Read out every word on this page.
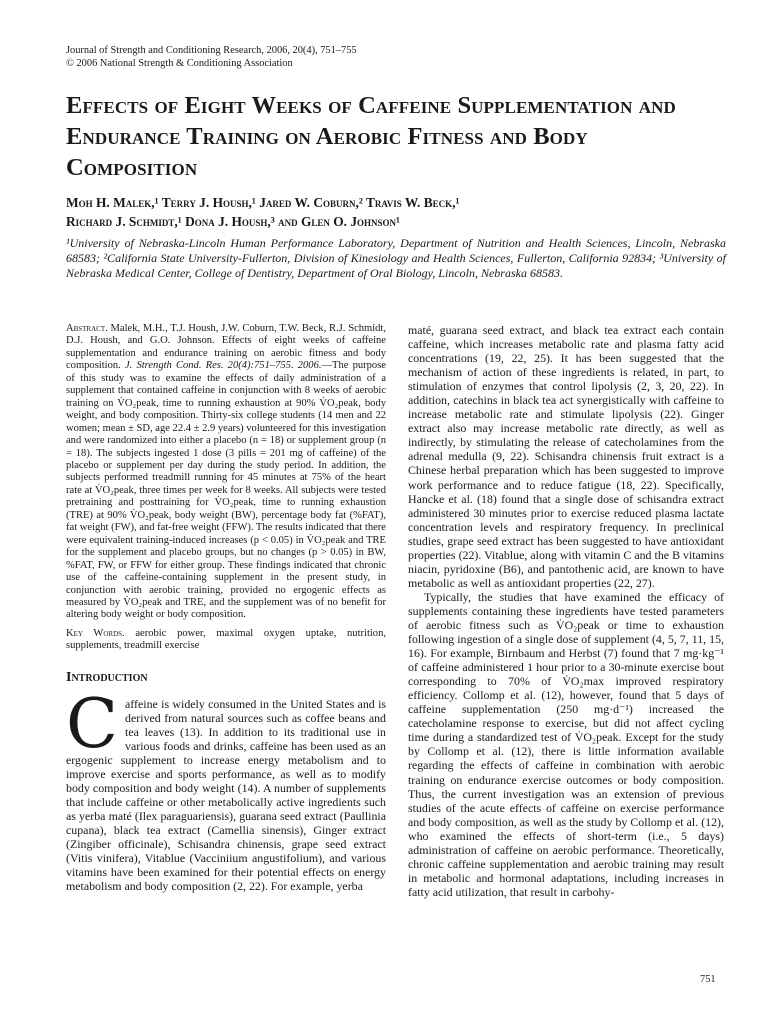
Journal of Strength and Conditioning Research, 2006, 20(4), 751–755
© 2006 National Strength & Conditioning Association
Effects of Eight Weeks of Caffeine Supplementation and Endurance Training on Aerobic Fitness and Body Composition
Moh H. Malek,¹ Terry J. Housh,¹ Jared W. Coburn,² Travis W. Beck,¹
Richard J. Schmidt,¹ Dona J. Housh,³ and Glen O. Johnson¹
¹University of Nebraska-Lincoln Human Performance Laboratory, Department of Nutrition and Health Sciences, Lincoln, Nebraska 68583; ²California State University-Fullerton, Division of Kinesiology and Health Sciences, Fullerton, California 92834; ³University of Nebraska Medical Center, College of Dentistry, Department of Oral Biology, Lincoln, Nebraska 68583.

Abstract. Malek, M.H., T.J. Housh, J.W. Coburn, T.W. Beck, R.J. Schmidt, D.J. Housh, and G.O. Johnson. Effects of eight weeks of caffeine supplementation and endurance training on aerobic fitness and body composition. J. Strength Cond. Res. 20(4):751–755. 2006.—The purpose of this study was to examine the effects of daily administration of a supplement that contained caffeine in conjunction with 8 weeks of aerobic training on V̇O₂peak, time to running exhaustion at 90% V̇O₂peak, body weight, and body composition. Thirty-six college students (14 men and 22 women; mean ± SD, age 22.4 ± 2.9 years) volunteered for this investigation and were randomized into either a placebo (n = 18) or supplement group (n = 18). The subjects ingested 1 dose (3 pills = 201 mg of caffeine) of the placebo or supplement per day during the study period. In addition, the subjects performed treadmill running for 45 minutes at 75% of the heart rate at V̇O₂peak, three times per week for 8 weeks. All subjects were tested pretraining and posttraining for V̇O₂peak, time to running exhaustion (TRE) at 90% V̇O₂peak, body weight (BW), percentage body fat (%FAT), fat weight (FW), and fat-free weight (FFW). The results indicated that there were equivalent training-induced increases (p < 0.05) in V̇O₂peak and TRE for the supplement and placebo groups, but no changes (p > 0.05) in BW, %FAT, FW, or FFW for either group. These findings indicated that chronic use of the caffeine-containing supplement in the present study, in conjunction with aerobic training, provided no ergogenic effects as measured by V̇O₂peak and TRE, and the supplement was of no benefit for altering body weight or body composition.

Key Words. aerobic power, maximal oxygen uptake, nutrition, supplements, treadmill exercise

Introduction

Caffeine is widely consumed in the United States and is derived from natural sources such as coffee beans and tea leaves (13). In addition to its traditional use in various foods and drinks, caffeine has been used as an ergogenic supplement to increase energy metabolism and to improve exercise and sports performance, as well as to modify body composition and body weight (14). A number of supplements that include caffeine or other metabolically active ingredients such as yerba maté (Ilex paraguariensis), guarana seed extract (Paullinia cupana), black tea extract (Camellia sinensis), Ginger extract (Zingiber officinale), Schisandra chinensis, grape seed extract (Vitis vinifera), Vitablue (Vacciniium angustifolium), and various vitamins have been examined for their potential effects on energy metabolism and body composition (2, 22). For example, yerba

maté, guarana seed extract, and black tea extract each contain caffeine, which increases metabolic rate and plasma fatty acid concentrations (19, 22, 25). It has been suggested that the mechanism of action of these ingredients is related, in part, to stimulation of enzymes that control lipolysis (2, 3, 20, 22). In addition, catechins in black tea act synergistically with caffeine to increase metabolic rate and stimulate lipolysis (22). Ginger extract also may increase metabolic rate directly, as well as indirectly, by stimulating the release of catecholamines from the adrenal medulla (9, 22). Schisandra chinensis fruit extract is a Chinese herbal preparation which has been suggested to improve work performance and to reduce fatigue (18, 22). Specifically, Hancke et al. (18) found that a single dose of schisandra extract administered 30 minutes prior to exercise reduced plasma lactate concentration levels and respiratory frequency. In preclinical studies, grape seed extract has been suggested to have antioxidant properties (22). Vitablue, along with vitamin C and the B vitamins niacin, pyridoxine (B6), and pantothenic acid, are known to have metabolic as well as antioxidant properties (22, 27).

Typically, the studies that have examined the efficacy of supplements containing these ingredients have tested parameters of aerobic fitness such as V̇O₂peak or time to exhaustion following ingestion of a single dose of supplement (4, 5, 7, 11, 15, 16). For example, Birnbaum and Herbst (7) found that 7 mg·kg⁻¹ of caffeine administered 1 hour prior to a 30-minute exercise bout corresponding to 70% of V̇O₂max improved respiratory efficiency. Collomp et al. (12), however, found that 5 days of caffeine supplementation (250 mg·d⁻¹) increased the catecholamine response to exercise, but did not affect cycling time during a standardized test of V̇O₂peak. Except for the study by Collomp et al. (12), there is little information available regarding the effects of caffeine in combination with aerobic training on endurance exercise outcomes or body composition. Thus, the current investigation was an extension of previous studies of the acute effects of caffeine on exercise performance and body composition, as well as the study by Collomp et al. (12), who examined the effects of short-term (i.e., 5 days) administration of caffeine on aerobic performance. Theoretically, chronic caffeine supplementation and aerobic training may result in metabolic and hormonal adaptations, including increases in fatty acid utilization, that result in carbohy-

751
